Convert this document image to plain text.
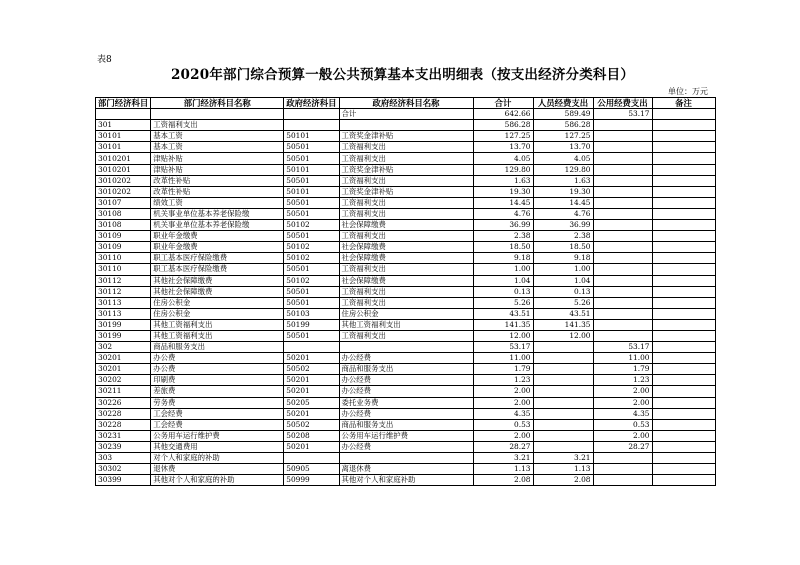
表8
2020年部门综合预算一般公共预算基本支出明细表（按支出经济分类科目）
单位：万元
部门经济科目	部门经济科目名称	政府经济科目	政府经济科目名称	合计	人员经费支出	公用经费支出	备注
			合计	642.66	589.49	53.17	
301	工资福利支出			586.28	586.28		
30101	基本工资	50101	工资奖金津补贴	127.25	127.25		
30101	基本工资	50501	工资福利支出	13.70	13.70		
3010201	津贴补贴	50501	工资福利支出	4.05	4.05		
3010201	津贴补贴	50101	工资奖金津补贴	129.80	129.80		
3010202	改革性补贴	50501	工资福利支出	1.63	1.63		
3010202	改革性补贴	50101	工资奖金津补贴	19.30	19.30		
30107	绩效工资	50501	工资福利支出	14.45	14.45		
30108	机关事业单位基本养老保险缴	50501	工资福利支出	4.76	4.76		
30108	机关事业单位基本养老保险缴	50102	社会保障缴费	36.99	36.99		
30109	职业年金缴费	50501	工资福利支出	2.38	2.38		
30109	职业年金缴费	50102	社会保障缴费	18.50	18.50		
30110	职工基本医疗保险缴费	50102	社会保障缴费	9.18	9.18		
30110	职工基本医疗保险缴费	50501	工资福利支出	1.00	1.00		
30112	其他社会保障缴费	50102	社会保障缴费	1.04	1.04		
30112	其他社会保障缴费	50501	工资福利支出	0.13	0.13		
30113	住房公积金	50501	工资福利支出	5.26	5.26		
30113	住房公积金	50103	住房公积金	43.51	43.51		
30199	其他工资福利支出	50199	其他工资福利支出	141.35	141.35		
30199	其他工资福利支出	50501	工资福利支出	12.00	12.00		
302	商品和服务支出			53.17		53.17	
30201	办公费	50201	办公经费	11.00		11.00	
30201	办公费	50502	商品和服务支出	1.79		1.79	
30202	印刷费	50201	办公经费	1.23		1.23	
30211	差旅费	50201	办公经费	2.00		2.00	
30226	劳务费	50205	委托业务费	2.00		2.00	
30228	工会经费	50201	办公经费	4.35		4.35	
30228	工会经费	50502	商品和服务支出	0.53		0.53	
30231	公务用车运行维护费	50208	公务用车运行维护费	2.00		2.00	
30239	其他交通费用	50201	办公经费	28.27		28.27	
303	对个人和家庭的补助			3.21	3.21		
30302	退休费	50905	离退休费	1.13	1.13		
30399	其他对个人和家庭的补助	50999	其他对个人和家庭补助	2.08	2.08		
